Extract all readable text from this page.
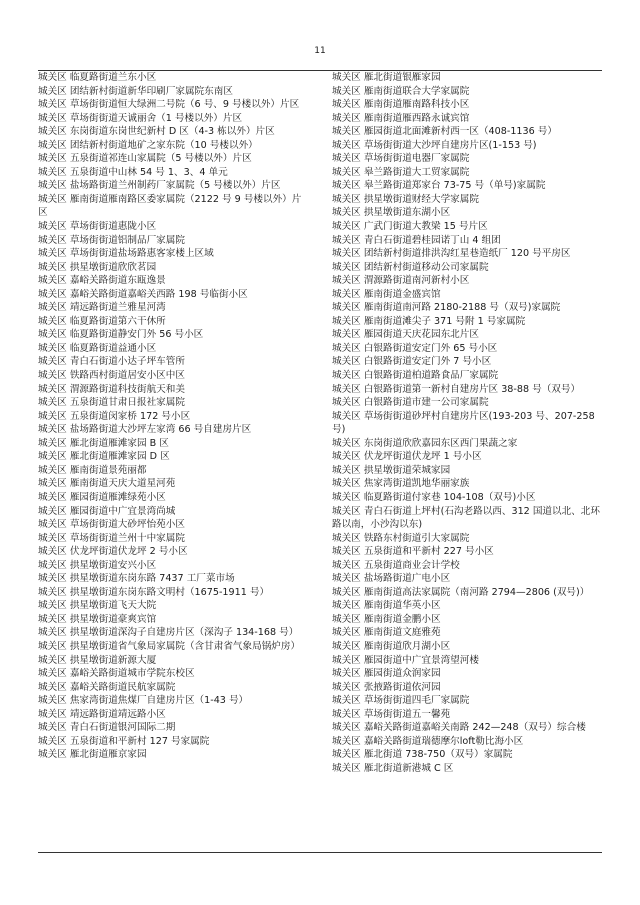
11
城关区 临夏路街道兰东小区
城关区 团结新村街道新华印刷厂家属院东南区
城关区 草场街街道恒大绿洲二号院（6 号、9 号楼以外）片区
城关区 草场街街道天诚丽舍（1 号楼以外）片区
城关区 东岗街道东岗世纪新村 D 区（4-3 栋以外）片区
城关区 团结新村街道地矿之家东院（10 号楼以外）
城关区 五泉街道祁连山家属院（5 号楼以外）片区
城关区 五泉街道中山林 54 号 1、3、4 单元
城关区 盐场路街道兰州制药厂家属院（5 号楼以外）片区
城关区 雁南街道雁南路区委家属院（2122 号 9 号楼以外）片区
城关区 草场街街道惠陇小区
城关区 草场街街道铝制品厂家属院
城关区 草场街街道盐场路惠客家楼上区域
城关区 拱星墩街道欣欣茗园
城关区 嘉峪关路街道东瓯逸景
城关区 嘉峪关路街道嘉峪关西路 198 号临街小区
城关区 靖远路街道兰雅星河湾
城关区 临夏路街道第六干休所
城关区 临夏路街道静安门外 56 号小区
城关区 临夏路街道益通小区
城关区 青白石街道小达子坪车管所
城关区 铁路西村街道居安小区中区
城关区 渭源路街道科技街航天和美
城关区 五泉街道甘肃日报社家属院
城关区 五泉街道闵家桥 172 号小区
城关区 盐场路街道大沙坪左家湾 66 号自建房片区
城关区 雁北街道雁滩家园 B 区
城关区 雁北街道雁滩家园 D 区
城关区 雁南街道景苑丽都
城关区 雁南街道天庆大道星河苑
城关区 雁园街道雁滩绿苑小区
城关区 雁园街道中广宜景湾尚城
城关区 草场街街道大砂坪怡苑小区
城关区 草场街街道兰州十中家属院
城关区 伏龙坪街道伏龙坪 2 号小区
城关区 拱星墩街道安兴小区
城关区 拱星墩街道东岗东路 7437 工厂菜市场
城关区 拱星墩街道东岗东路文明村（1675-1911 号）
城关区 拱星墩街道飞天大院
城关区 拱星墩街道豪爽宾馆
城关区 拱星墩街道深沟子自建房片区（深沟子 134-168 号）
城关区 拱星墩街道省气象局家属院（含甘肃省气象局锅炉房）
城关区 拱星墩街道新源大厦
城关区 嘉峪关路街道城市学院东校区
城关区 嘉峪关路街道民航家属院
城关区 焦家湾街道焦煤厂自建房片区（1-43 号）
城关区 靖远路街道靖远路小区
城关区 青白石街道银河国际二期
城关区 五泉街道和平新村 127 号家属院
城关区 雁北街道雁京家园
城关区 雁北街道银雁家园
城关区 雁南街道联合大学家属院
城关区 雁南街道雁南路科技小区
城关区 雁南街道雁西路永诚宾馆
城关区 雁园街道北面滩新村西一区（408-1136 号）
城关区 草场街街道大沙坪自建房片区(1-153 号)
城关区 草场街街道电器厂家属院
城关区 皋兰路街道大工贸家属院
城关区 皋兰路街道郑家台 73-75 号（单号)家属院
城关区 拱星墩街道财经大学家属院
城关区 拱星墩街道东湖小区
城关区 广武门街道大教梁 15 号片区
城关区 青白石街道碧桂园诺丁山 4 组团
城关区 团结新村街道排洪沟红星巷造纸厂 120 号平房区
城关区 团结新村街道移动公司家属院
城关区 渭源路街道南河新村小区
城关区 雁南街道金盛宾馆
城关区 雁南街道南河路 2180-2188 号（双号)家属院
城关区 雁南街道滩尖子 371 号附 1 号家属院
城关区 雁园街道天庆花园东北片区
城关区 白银路街道安定门外 65 号小区
城关区 白银路街道安定门外 7 号小区
城关区 白银路街道柏道路食品厂家属院
城关区 白银路街道第一新村自建房片区 38-88 号（双号）
城关区 白银路街道市建一公司家属院
城关区 草场街街道砂坪村自建房片区(193-203 号、207-258 号)
城关区 东岗街道欣欣嘉园东区西门果蔬之家
城关区 伏龙坪街道伏龙坪 1 号小区
城关区 拱星墩街道荣城家园
城关区 焦家湾街道凯地华丽家族
城关区 临夏路街道付家巷 104-108（双号)小区
城关区 青白石街道上坪村(石沟老路以西、312 国道以北、北环路以南，小沙沟以东)
城关区 铁路东村街道引大家属院
城关区 五泉街道和平新村 227 号小区
城关区 五泉街道商业会计学校
城关区 盐场路街道广电小区
城关区 雁南街道高法家属院（南河路 2794—2806 (双号)）
城关区 雁南街道华英小区
城关区 雁南街道金鹏小区
城关区 雁南街道文庭雅苑
城关区 雁南街道欣月湖小区
城关区 雁园街道中广宜景湾望河楼
城关区 雁园街道众润家园
城关区 张掖路街道依河园
城关区 草场街街道四毛厂家属院
城关区 草场街街道五一馨苑
城关区 嘉峪关路街道嘉峪关南路 242—248（双号）综合楼
城关区 嘉峪关路街道瑞德摩尔loft勒比海小区
城关区 雁北街道 738-750（双号）家属院
城关区 雁北街道新港城 C 区
